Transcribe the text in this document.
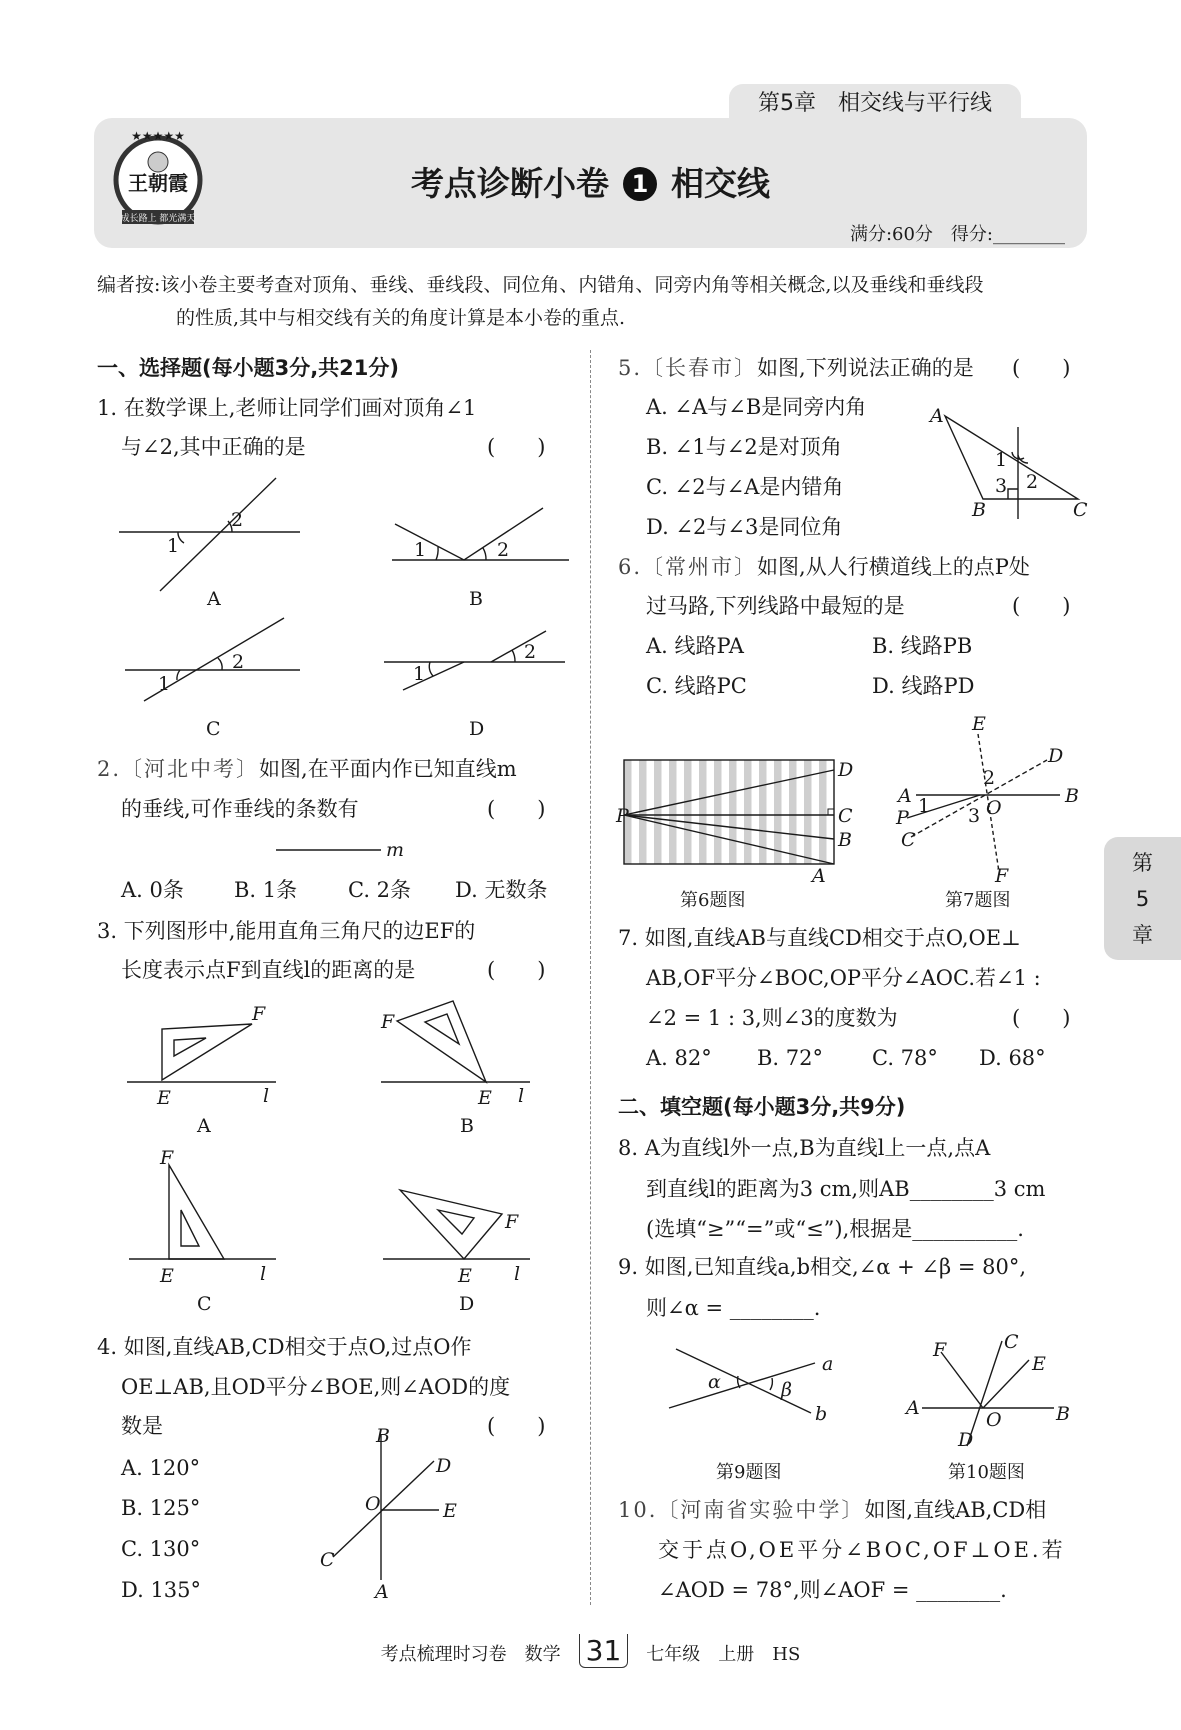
第5章　相交线与平行线
王朝霞
成长路上 都光满天
★★★★★
考点诊断小卷 1 相交线
满分:60分　得分:________
编者按:该小卷主要考查对顶角、垂线、垂线段、同位角、内错角、同旁内角等相关概念,以及垂线和垂线段
的性质,其中与相交线有关的角度计算是本小卷的重点.
一、选择题(每小题3分,共21分)
1. 在数学课上,老师让同学们画对顶角∠1
与∠2,其中正确的是	(　　)
2.〔河北中考〕如图,在平面内作已知直线m
的垂线,可作垂线的条数有	(　　)
A. 0条 B. 1条 C. 2条 D. 无数条
3. 下列图形中,能用直角三角尺的边EF的
长度表示点F到直线l的距离的是	(　　)
4. 如图,直线AB,CD相交于点O,过点O作
OE⊥AB,且OD平分∠BOE,则∠AOD的度
数是	(　　)
A. 120°
B. 125°
C. 130°
D. 135°
5.〔长春市〕如图,下列说法正确的是 (　　)
A. ∠A与∠B是同旁内角
B. ∠1与∠2是对顶角
C. ∠2与∠A是内错角
D. ∠2与∠3是同位角
6.〔常州市〕如图,从人行横道线上的点P处
过马路,下列线路中最短的是	(　　)
A. 线路PA	B. 线路PB
C. 线路PC	D. 线路PD
7. 如图,直线AB与直线CD相交于点O,OE⊥
AB,OF平分∠BOC,OP平分∠AOC.若∠1 :
∠2 = 1 : 3,则∠3的度数为	(　　)
A. 82° B. 72° C. 78° D. 68°
二、填空题(每小题3分,共9分)
8. A为直线l外一点,B为直线l上一点,点A
到直线l的距离为3 cm,则AB________3 cm
(选填“≥”“=”或“≤”),根据是__________.
9. 如图,已知直线a,b相交,∠α + ∠β = 80°,
则∠α = ________.
10.〔河南省实验中学〕如图,直线AB,CD相
交于点O,OE平分∠BOC,OF⊥OE.若
∠AOD = 78°,则∠AOF = ________.
1
2
A
1	2
B
1
2
C
1
2
D
m
F
E	l
A
F
E l
B
F
E	l
C
F
E l
D
B
D
O	E
C
A
A
B	C
1
3 2
P
D
C
B
A
第6题图
E
D
A	B
P
C
F
1
2
3 O
第7题图
a
b
α	β
第9题图
A	B
C
D
E
F
O
第10题图
第
5
章
考点梳理时习卷　数学 31 七年级　上册　HS
